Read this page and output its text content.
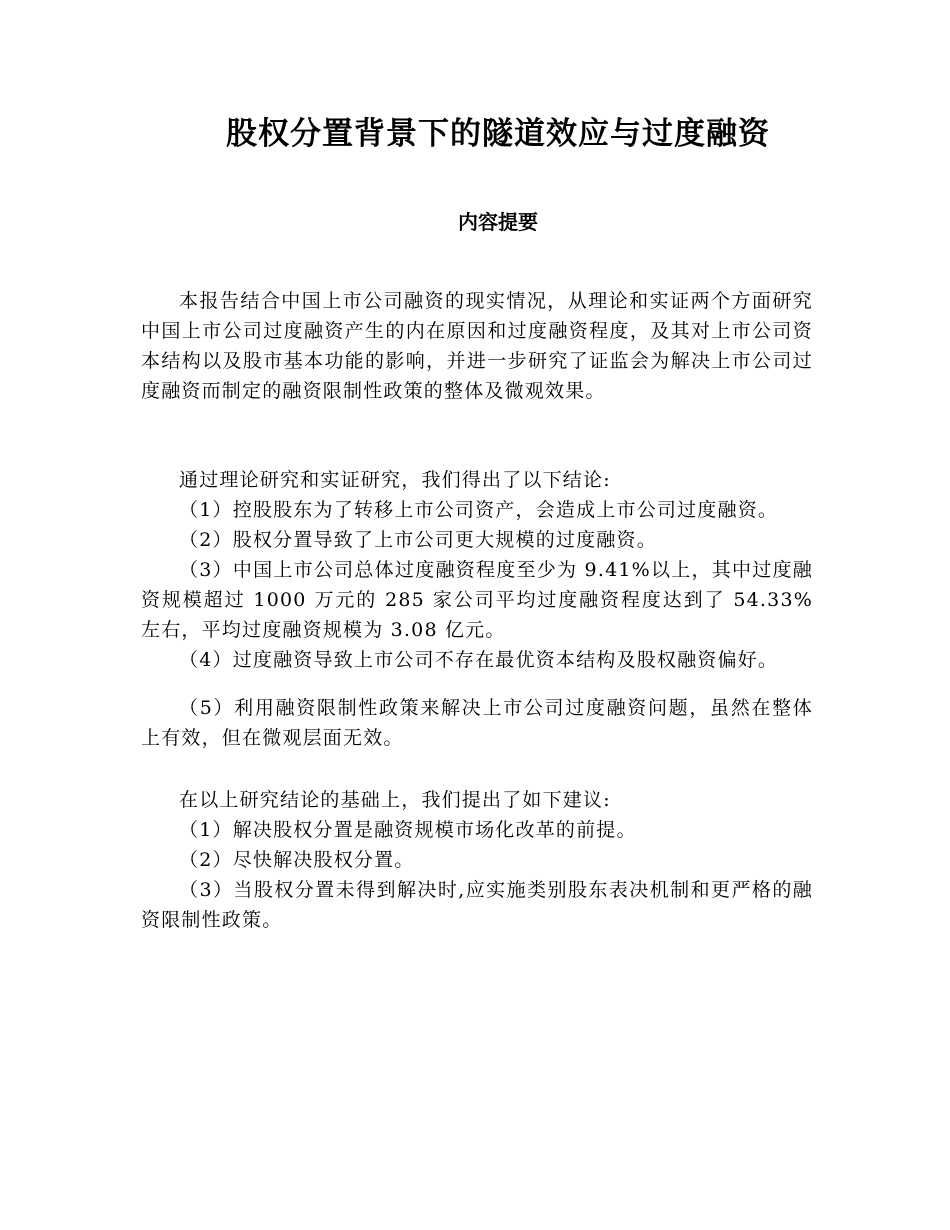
股权分置背景下的隧道效应与过度融资
内容提要

本报告结合中国上市公司融资的现实情况，从理论和实证两个方面研究中国上市公司过度融资产生的内在原因和过度融资程度，及其对上市公司资本结构以及股市基本功能的影响，并进一步研究了证监会为解决上市公司过度融资而制定的融资限制性政策的整体及微观效果。

通过理论研究和实证研究，我们得出了以下结论:

（1）控股股东为了转移上市公司资产，会造成上市公司过度融资。

（2）股权分置导致了上市公司更大规模的过度融资。

（3）中国上市公司总体过度融资程度至少为 9.41%以上，其中过度融资规模超过 1000 万元的 285 家公司平均过度融资程度达到了 54.33%左右，平均过度融资规模为 3.08 亿元。

（4）过度融资导致上市公司不存在最优资本结构及股权融资偏好。

（5）利用融资限制性政策来解决上市公司过度融资问题，虽然在整体上有效，但在微观层面无效。

在以上研究结论的基础上，我们提出了如下建议:

（1）解决股权分置是融资规模市场化改革的前提。

（2）尽快解决股权分置。

（3）当股权分置未得到解决时,应实施类别股东表决机制和更严格的融资限制性政策。
